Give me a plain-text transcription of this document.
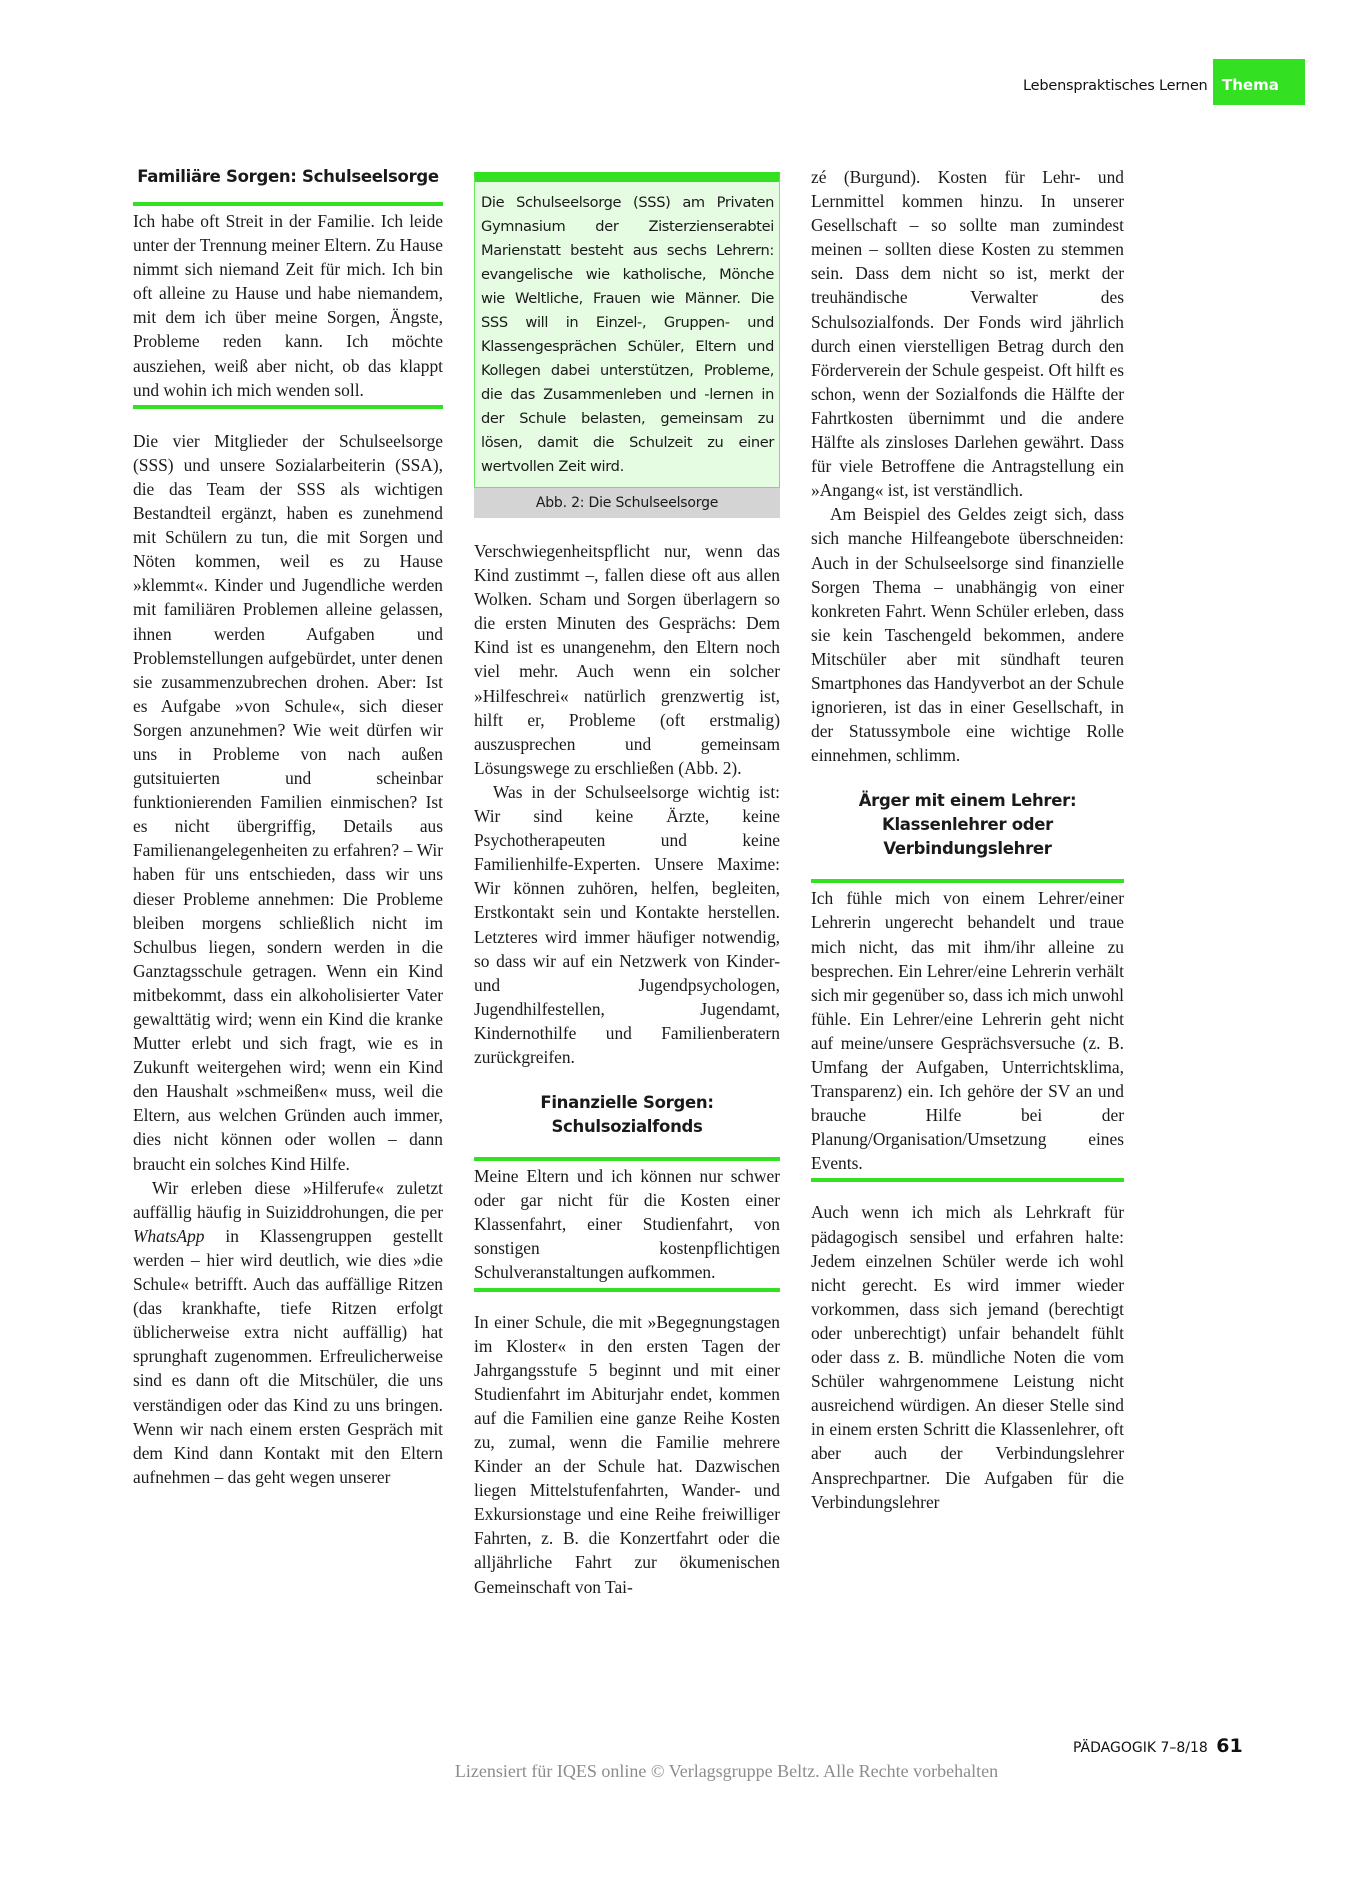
Lebenspraktisches Lernen Thema
Familiäre Sorgen: Schulseelsorge

Ich habe oft Streit in der Familie. Ich leide unter der Trennung meiner Eltern. Zu Hause nimmt sich niemand Zeit für mich. Ich bin oft alleine zu Hause und habe niemandem, mit dem ich über meine Sorgen, Ängste, Probleme reden kann. Ich möchte ausziehen, weiß aber nicht, ob das klappt und wohin ich mich wenden soll.

Die vier Mitglieder der Schulseelsorge (SSS) und unsere Sozialarbeiterin (SSA), die das Team der SSS als wichtigen Bestandteil ergänzt, haben es zunehmend mit Schülern zu tun, die mit Sorgen und Nöten kommen, weil es zu Hause »klemmt«. Kinder und Jugendliche werden mit familiären Problemen alleine gelassen, ihnen werden Aufgaben und Problemstellungen aufgebürdet, unter denen sie zusammenzubrechen drohen. Aber: Ist es Aufgabe »von Schule«, sich dieser Sorgen anzunehmen? Wie weit dürfen wir uns in Probleme von nach außen gutsituierten und scheinbar funktionierenden Familien einmischen? Ist es nicht übergriffig, Details aus Familienangelegenheiten zu erfahren? – Wir haben für uns entschieden, dass wir uns dieser Probleme annehmen: Die Probleme bleiben morgens schließlich nicht im Schulbus liegen, sondern werden in die Ganztagsschule getragen. Wenn ein Kind mitbekommt, dass ein alkoholisierter Vater gewalttätig wird; wenn ein Kind die kranke Mutter erlebt und sich fragt, wie es in Zukunft weitergehen wird; wenn ein Kind den Haushalt »schmeißen« muss, weil die Eltern, aus welchen Gründen auch immer, dies nicht können oder wollen – dann braucht ein solches Kind Hilfe.

Wir erleben diese »Hilferufe« zuletzt auffällig häufig in Suiziddrohungen, die per WhatsApp in Klassengruppen gestellt werden – hier wird deutlich, wie dies »die Schule« betrifft. Auch das auffällige Ritzen (das krankhafte, tiefe Ritzen erfolgt üblicherweise extra nicht auffällig) hat sprunghaft zugenommen. Erfreulicherweise sind es dann oft die Mitschüler, die uns verständigen oder das Kind zu uns bringen. Wenn wir nach einem ersten Gespräch mit dem Kind dann Kontakt mit den Eltern aufnehmen – das geht wegen unserer

Die Schulseelsorge (SSS) am Privaten Gymnasium der Zisterzienserabtei Marienstatt besteht aus sechs Lehrern: evangelische wie katholische, Mönche wie Weltliche, Frauen wie Männer. Die SSS will in Einzel-, Gruppen- und Klassengesprächen Schüler, Eltern und Kollegen dabei unterstützen, Probleme, die das Zusammenleben und -lernen in der Schule belasten, gemeinsam zu lösen, damit die Schulzeit zu einer wertvollen Zeit wird.

Abb. 2: Die Schulseelsorge

Verschwiegenheitspflicht nur, wenn das Kind zustimmt –, fallen diese oft aus allen Wolken. Scham und Sorgen überlagern so die ersten Minuten des Gesprächs: Dem Kind ist es unangenehm, den Eltern noch viel mehr. Auch wenn ein solcher »Hilfeschrei« natürlich grenzwertig ist, hilft er, Probleme (oft erstmalig) auszusprechen und gemeinsam Lösungswege zu erschließen (Abb. 2).

Was in der Schulseelsorge wichtig ist: Wir sind keine Ärzte, keine Psychotherapeuten und keine Familienhilfe-Experten. Unsere Maxime: Wir können zuhören, helfen, begleiten, Erstkontakt sein und Kontakte herstellen. Letzteres wird immer häufiger notwendig, so dass wir auf ein Netzwerk von Kinder- und Jugendpsychologen, Jugendhilfestellen, Jugendamt, Kindernothilfe und Familienberatern zurückgreifen.

Finanzielle Sorgen:
Schulsozialfonds

Meine Eltern und ich können nur schwer oder gar nicht für die Kosten einer Klassenfahrt, einer Studienfahrt, von sonstigen kostenpflichtigen Schulveranstaltungen aufkommen.

In einer Schule, die mit »Begegnungstagen im Kloster« in den ersten Tagen der Jahrgangsstufe 5 beginnt und mit einer Studienfahrt im Abiturjahr endet, kommen auf die Familien eine ganze Reihe Kosten zu, zumal, wenn die Familie mehrere Kinder an der Schule hat. Dazwischen liegen Mittelstufenfahrten, Wander- und Exkursionstage und eine Reihe freiwilliger Fahrten, z. B. die Konzertfahrt oder die alljährliche Fahrt zur ökumenischen Gemeinschaft von Tai-

zé (Burgund). Kosten für Lehr- und Lernmittel kommen hinzu. In unserer Gesellschaft – so sollte man zumindest meinen – sollten diese Kosten zu stemmen sein. Dass dem nicht so ist, merkt der treuhändische Verwalter des Schulsozialfonds. Der Fonds wird jährlich durch einen vierstelligen Betrag durch den Förderverein der Schule gespeist. Oft hilft es schon, wenn der Sozialfonds die Hälfte der Fahrtkosten übernimmt und die andere Hälfte als zinsloses Darlehen gewährt. Dass für viele Betroffene die Antragstellung ein »Angang« ist, ist verständlich.

Am Beispiel des Geldes zeigt sich, dass sich manche Hilfeangebote überschneiden: Auch in der Schulseelsorge sind finanzielle Sorgen Thema – unabhängig von einer konkreten Fahrt. Wenn Schüler erleben, dass sie kein Taschengeld bekommen, andere Mitschüler aber mit sündhaft teuren Smartphones das Handyverbot an der Schule ignorieren, ist das in einer Gesellschaft, in der Statussymbole eine wichtige Rolle einnehmen, schlimm.

Ärger mit einem Lehrer:
Klassenlehrer oder
Verbindungslehrer

Ich fühle mich von einem Lehrer/einer Lehrerin ungerecht behandelt und traue mich nicht, das mit ihm/ihr alleine zu besprechen. Ein Lehrer/eine Lehrerin verhält sich mir gegenüber so, dass ich mich unwohl fühle. Ein Lehrer/eine Lehrerin geht nicht auf meine/unsere Gesprächsversuche (z. B. Umfang der Aufgaben, Unterrichtsklima, Transparenz) ein. Ich gehöre der SV an und brauche Hilfe bei der Planung/Organisation/Umsetzung eines Events.

Auch wenn ich mich als Lehrkraft für pädagogisch sensibel und erfahren halte: Jedem einzelnen Schüler werde ich wohl nicht gerecht. Es wird immer wieder vorkommen, dass sich jemand (berechtigt oder unberechtigt) unfair behandelt fühlt oder dass z. B. mündliche Noten die vom Schüler wahrgenommene Leistung nicht ausreichend würdigen. An dieser Stelle sind in einem ersten Schritt die Klassenlehrer, oft aber auch der Verbindungslehrer Ansprechpartner. Die Aufgaben für die Verbindungslehrer

PÄDAGOGIK 7–8/18 61
Lizensiert für IQES online © Verlagsgruppe Beltz. Alle Rechte vorbehalten
